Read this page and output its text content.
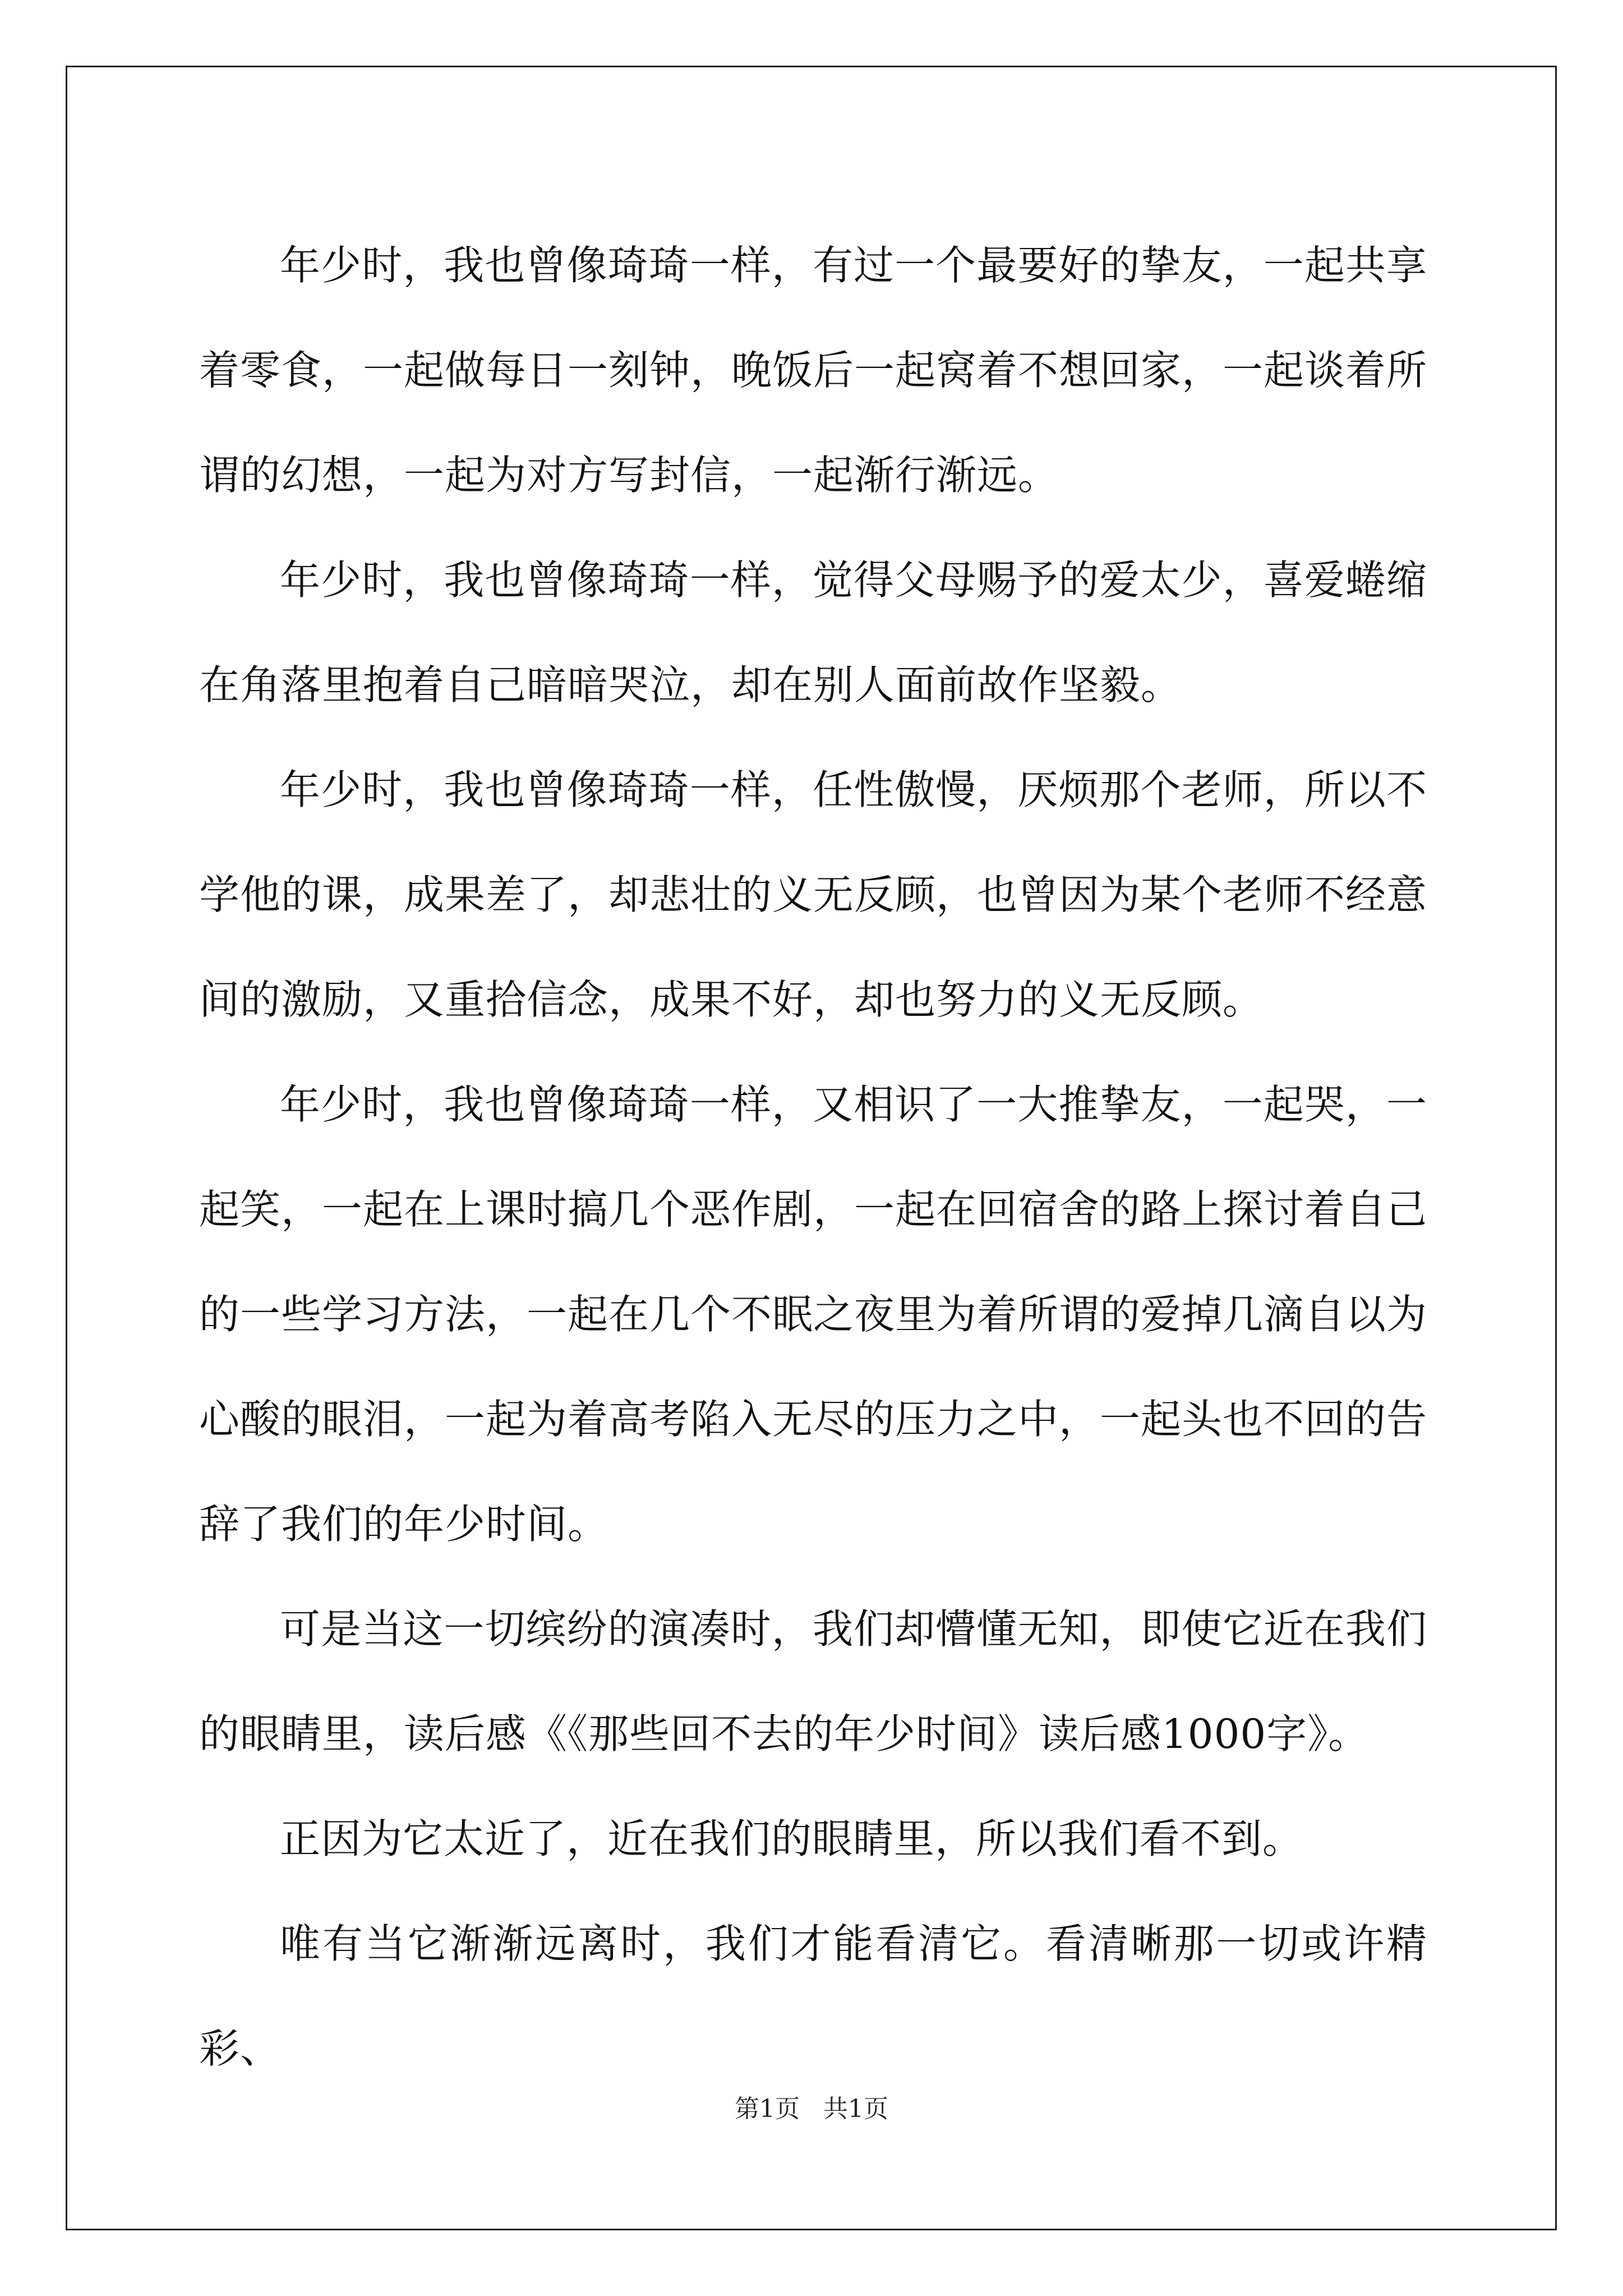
年少时，我也曾像琦琦一样，有过一个最要好的挚友，一起共享着零食，一起做每日一刻钟，晚饭后一起窝着不想回家，一起谈着所谓的幻想，一起为对方写封信，一起渐行渐远。

年少时，我也曾像琦琦一样，觉得父母赐予的爱太少，喜爱蜷缩在角落里抱着自己暗暗哭泣，却在别人面前故作坚毅。

年少时，我也曾像琦琦一样，任性傲慢，厌烦那个老师，所以不学他的课，成果差了，却悲壮的义无反顾，也曾因为某个老师不经意间的激励，又重拾信念，成果不好，却也努力的义无反顾。

年少时，我也曾像琦琦一样，又相识了一大推挚友，一起哭，一起笑，一起在上课时搞几个恶作剧，一起在回宿舍的路上探讨着自己的一些学习方法，一起在几个不眠之夜里为着所谓的爱掉几滴自以为心酸的眼泪，一起为着高考陷入无尽的压力之中，一起头也不回的告辞了我们的年少时间。

可是当这一切缤纷的演凑时，我们却懵懂无知，即使它近在我们的眼睛里，读后感《《那些回不去的年少时间》读后感1000字》。

正因为它太近了，近在我们的眼睛里，所以我们看不到。

唯有当它渐渐远离时，我们才能看清它。看清晰那一切或许精彩、

第1页 共1页
